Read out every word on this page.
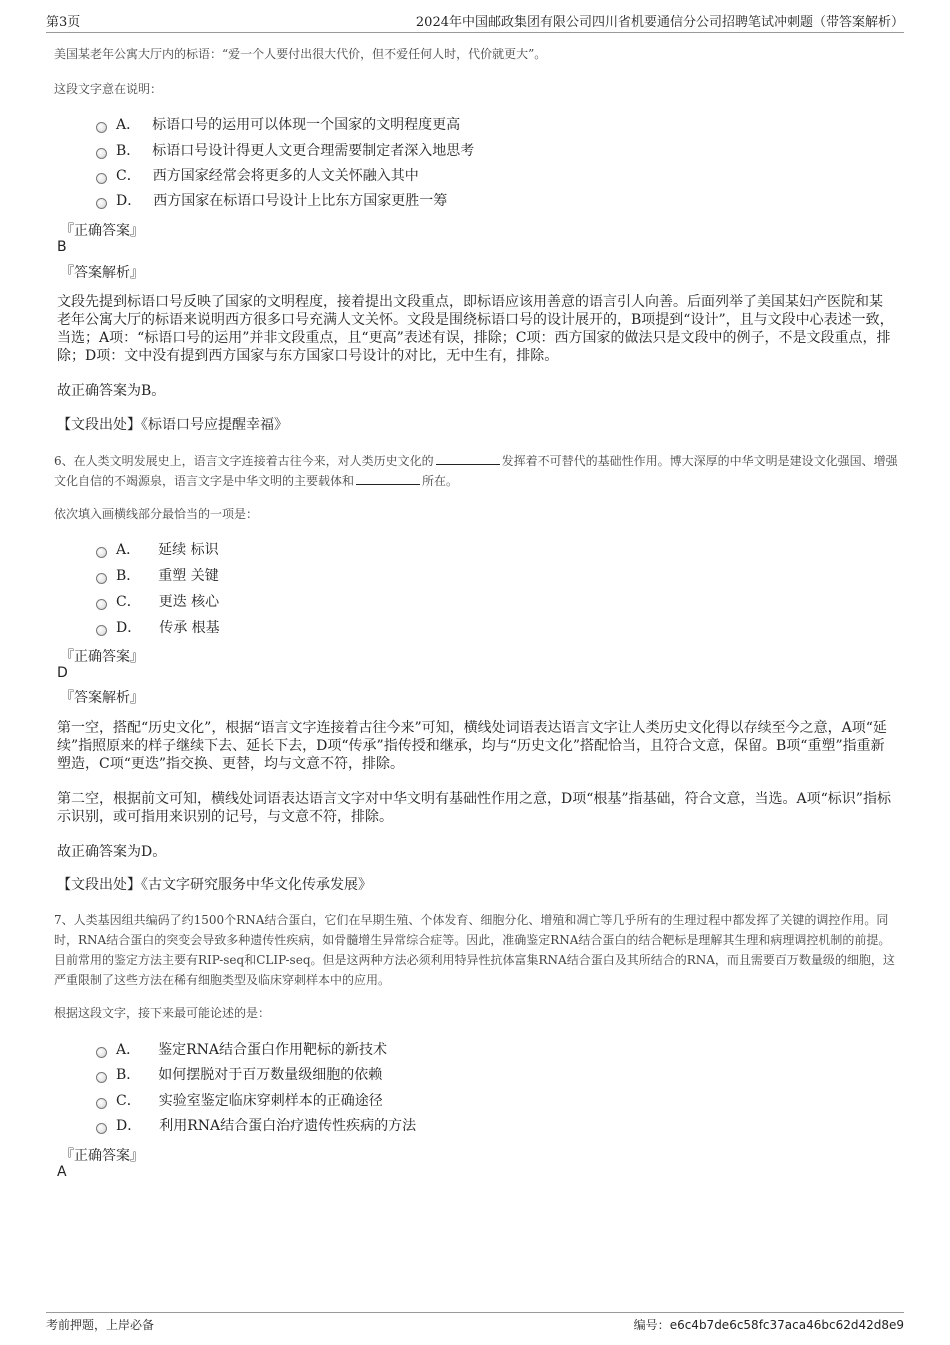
第3页	2024年中国邮政集团有限公司四川省机要通信分公司招聘笔试冲刺题（带答案解析）
美国某老年公寓大厅内的标语：“爱一个人要付出很大代价，但不爱任何人时，代价就更大”。
这段文字意在说明：
A． 标语口号的运用可以体现一个国家的文明程度更高
B． 标语口号设计得更人文更合理需要制定者深入地思考
C． 西方国家经常会将更多的人文关怀融入其中
D． 西方国家在标语口号设计上比东方国家更胜一筹
『正确答案』
B
『答案解析』
文段先提到标语口号反映了国家的文明程度，接着提出文段重点，即标语应该用善意的语言引人向善。后面列举了美国某妇产医院和某老年公寓大厅的标语来说明西方很多口号充满人文关怀。文段是围绕标语口号的设计展开的，B项提到“设计”，且与文段中心表述一致，当选；A项：“标语口号的运用”并非文段重点，且“更高”表述有误，排除；C项：西方国家的做法只是文段中的例子，不是文段重点，排除；D项：文中没有提到西方国家与东方国家口号设计的对比，无中生有，排除。
故正确答案为B。
【文段出处】《标语口号应提醒幸福》
6、在人类文明发展史上，语言文字连接着古往今来，对人类历史文化的	发挥着不可替代的基础性作用。博大深厚的中华文明是建设文化强国、增强文化自信的不竭源泉，语言文字是中华文明的主要载体和	所在。
依次填入画横线部分最恰当的一项是：
A． 延续 标识
B． 重塑 关键
C． 更迭 核心
D． 传承 根基
『正确答案』
D
『答案解析』
第一空，搭配“历史文化”，根据“语言文字连接着古往今来”可知，横线处词语表达语言文字让人类历史文化得以存续至今之意，A项“延续”指照原来的样子继续下去、延长下去，D项“传承”指传授和继承，均与“历史文化”搭配恰当，且符合文意，保留。B项“重塑”指重新塑造，C项“更迭”指交换、更替，均与文意不符，排除。
第二空，根据前文可知，横线处词语表达语言文字对中华文明有基础性作用之意，D项“根基”指基础，符合文意，当选。A项“标识”指标示识别，或可指用来识别的记号，与文意不符，排除。
故正确答案为D。
【文段出处】《古文字研究服务中华文化传承发展》
7、人类基因组共编码了约1500个RNA结合蛋白，它们在早期生殖、个体发育、细胞分化、增殖和凋亡等几乎所有的生理过程中都发挥了关键的调控作用。同时，RNA结合蛋白的突变会导致多种遗传性疾病，如骨髓增生异常综合症等。因此，准确鉴定RNA结合蛋白的结合靶标是理解其生理和病理调控机制的前提。目前常用的鉴定方法主要有RIP-seq和CLIP-seq。但是这两种方法必须利用特异性抗体富集RNA结合蛋白及其所结合的RNA，而且需要百万数量级的细胞，这严重限制了这些方法在稀有细胞类型及临床穿刺样本中的应用。
根据这段文字，接下来最可能论述的是：
A． 鉴定RNA结合蛋白作用靶标的新技术
B． 如何摆脱对于百万数量级细胞的依赖
C． 实验室鉴定临床穿刺样本的正确途径
D． 利用RNA结合蛋白治疗遗传性疾病的方法
『正确答案』
A
考前押题，上岸必备	编号：e6c4b7de6c58fc37aca46bc62d42d8e9
